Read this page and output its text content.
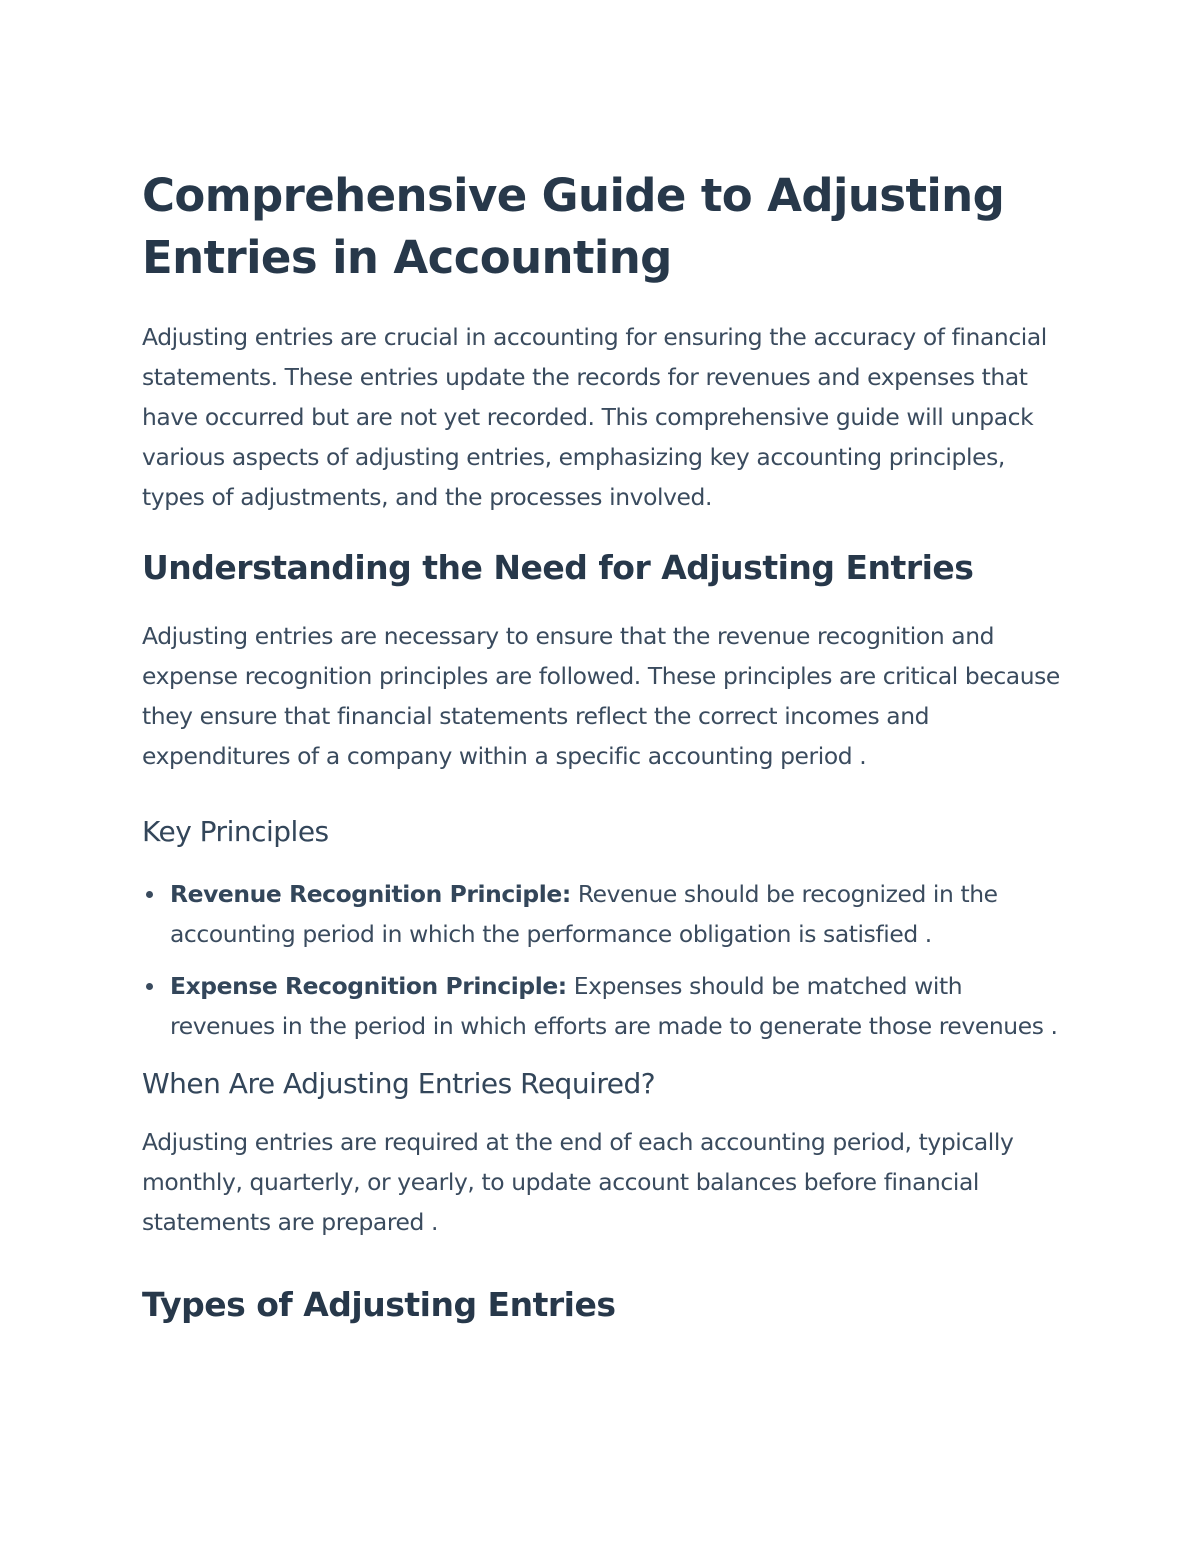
Comprehensive Guide to Adjusting Entries in Accounting

Adjusting entries are crucial in accounting for ensuring the accuracy of financial statements. These entries update the records for revenues and expenses that have occurred but are not yet recorded. This comprehensive guide will unpack various aspects of adjusting entries, emphasizing key accounting principles, types of adjustments, and the processes involved.

Understanding the Need for Adjusting Entries

Adjusting entries are necessary to ensure that the revenue recognition and expense recognition principles are followed. These principles are critical because they ensure that financial statements reflect the correct incomes and expenditures of a company within a specific accounting period .

Key Principles
Revenue Recognition Principle: Revenue should be recognized in the accounting period in which the performance obligation is satisfied .
Expense Recognition Principle: Expenses should be matched with revenues in the period in which efforts are made to generate those revenues .
When Are Adjusting Entries Required?

Adjusting entries are required at the end of each accounting period, typically monthly, quarterly, or yearly, to update account balances before financial statements are prepared .

Types of Adjusting Entries
